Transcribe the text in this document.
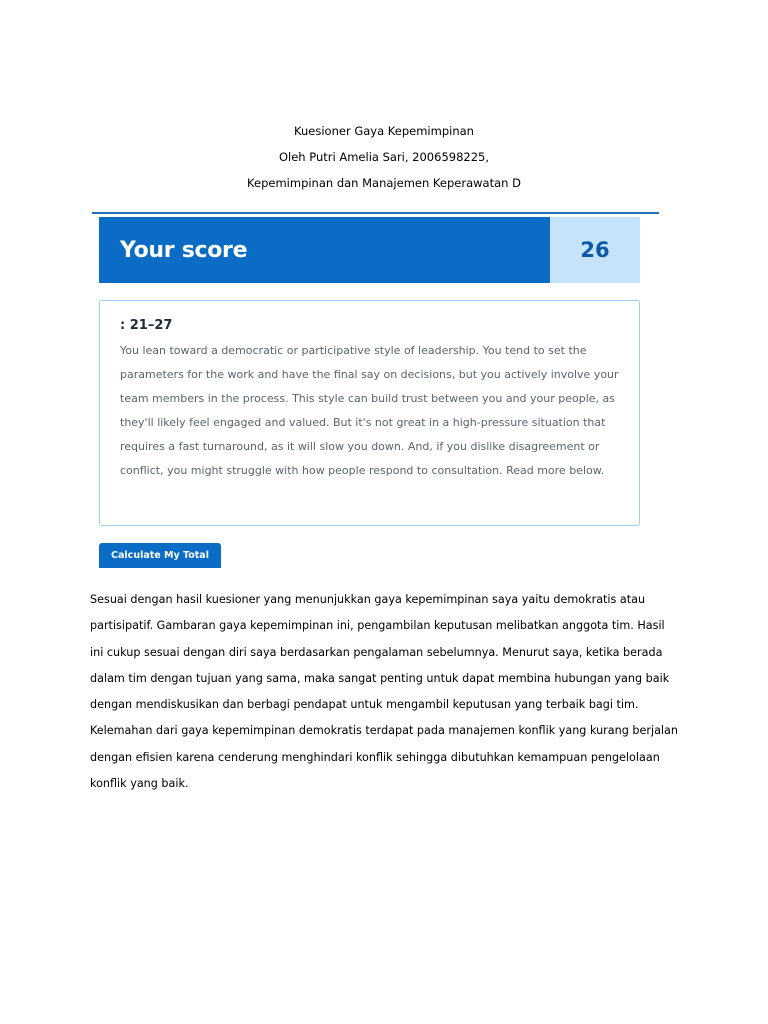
Kuesioner Gaya Kepemimpinan
Oleh Putri Amelia Sari, 2006598225,
Kepemimpinan dan Manajemen Keperawatan D
Your score	26
: 21–27
You lean toward a democratic or participative style of leadership. You tend to set the parameters for the work and have the final say on decisions, but you actively involve your team members in the process. This style can build trust between you and your people, as they'll likely feel engaged and valued. But it's not great in a high-pressure situation that requires a fast turnaround, as it will slow you down. And, if you dislike disagreement or conflict, you might struggle with how people respond to consultation. Read more below.
Calculate My Total

Sesuai dengan hasil kuesioner yang menunjukkan gaya kepemimpinan saya yaitu demokratis atau partisipatif. Gambaran gaya kepemimpinan ini, pengambilan keputusan melibatkan anggota tim. Hasil ini cukup sesuai dengan diri saya berdasarkan pengalaman sebelumnya. Menurut saya, ketika berada dalam tim dengan tujuan yang sama, maka sangat penting untuk dapat membina hubungan yang baik dengan mendiskusikan dan berbagi pendapat untuk mengambil keputusan yang terbaik bagi tim. Kelemahan dari gaya kepemimpinan demokratis terdapat pada manajemen konflik yang kurang berjalan dengan efisien karena cenderung menghindari konflik sehingga dibutuhkan kemampuan pengelolaan konflik yang baik.
